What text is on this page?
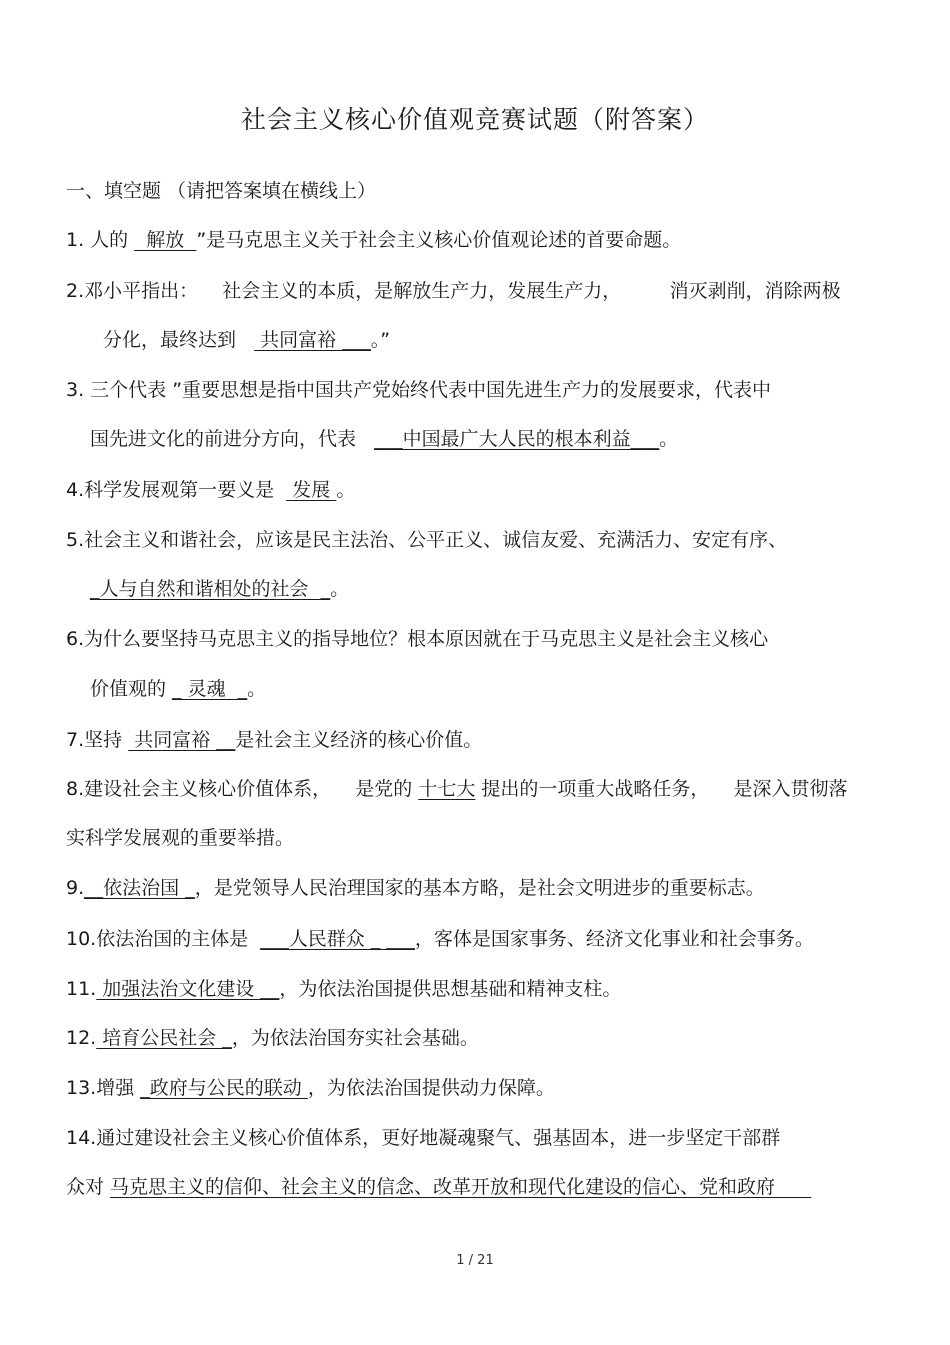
社会主义核心价值观竞赛试题（附答案）
一、填空题 （请把答案填在横线上）
1. 人的   解放  ”是马克思主义关于社会主义核心价值观论述的首要命题。
2.邓小平指出：    社会主义的本质，是解放生产力，发展生产力，        消灭剥削，消除两极
分化，最终达到    共同富裕 ___。”
3. 三个代表 ”重要思想是指中国共产党始终代表中国先进生产力的发展要求，代表中
国先进文化的前进分方向，代表   ___中国最广大人民的根本利益___。
4.科学发展观第一要义是   发展 。
5.社会主义和谐社会，应该是民主法治、公平正义、诚信友爱、充满活力、安定有序、
_人与自然和谐相处的社会  _。
6.为什么要坚持马克思主义的指导地位？根本原因就在于马克思主义是社会主义核心
价值观的 _ 灵魂  _。
7.坚持  共同富裕 __是社会主义经济的核心价值。
8.建设社会主义核心价值体系，    是党的 十七大 提出的一项重大战略任务，    是深入贯彻落
实科学发展观的重要举措。
9.__依法治国 _，是党领导人民治理国家的基本方略，是社会文明进步的重要标志。
10.依法治国的主体是  ___人民群众 _ ___，客体是国家事务、经济文化事业和社会事务。
11. 加强法治文化建设 __，为依法治国提供思想基础和精神支柱。
12. 培育公民社会 _，为依法治国夯实社会基础。
13.增强 _政府与公民的联动 ，为依法治国提供动力保障。
14.通过建设社会主义核心价值体系，更好地凝魂聚气、强基固本，进一步坚定干部群
众对 马克思主义的信仰、社会主义的信念、改革开放和现代化建设的信心、党和政府
1 / 21
